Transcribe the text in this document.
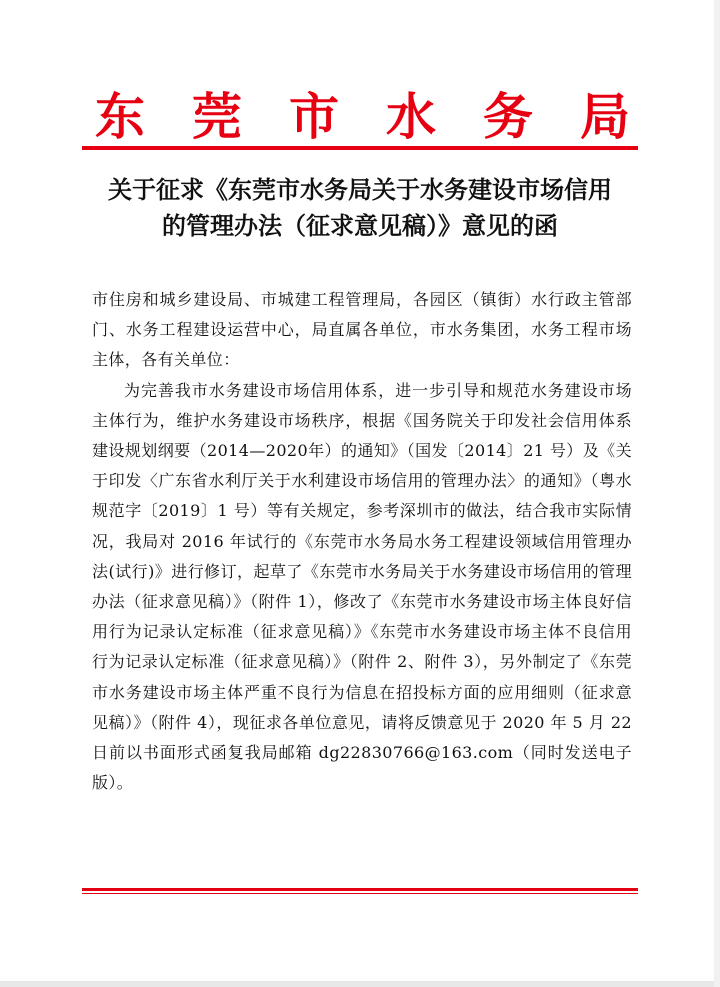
东 莞 市 水 务 局
关于征求《东莞市水务局关于水务建设市场信用
的管理办法（征求意见稿）》意见的函

市住房和城乡建设局、市城建工程管理局，各园区（镇街）水行政主管部门、水务工程建设运营中心，局直属各单位，市水务集团，水务工程市场主体，各有关单位：

为完善我市水务建设市场信用体系，进一步引导和规范水务建设市场主体行为，维护水务建设市场秩序，根据《国务院关于印发社会信用体系建设规划纲要（2014—2020年）的通知》（国发〔2014〕21 号）及《关于印发〈广东省水利厅关于水利建设市场信用的管理办法〉的通知》（粤水规范字〔2019〕1 号）等有关规定，参考深圳市的做法，结合我市实际情况，我局对 2016 年试行的《东莞市水务局水务工程建设领域信用管理办法(试行)》进行修订，起草了《东莞市水务局关于水务建设市场信用的管理办法（征求意见稿）》（附件 1），修改了《东莞市水务建设市场主体良好信用行为记录认定标准（征求意见稿）》《东莞市水务建设市场主体不良信用行为记录认定标准（征求意见稿）》（附件 2、附件 3），另外制定了《东莞市水务建设市场主体严重不良行为信息在招投标方面的应用细则（征求意见稿）》（附件 4），现征求各单位意见，请将反馈意见于 2020 年 5 月 22 日前以书面形式函复我局邮箱 dg22830766@163.com（同时发送电子版）。
